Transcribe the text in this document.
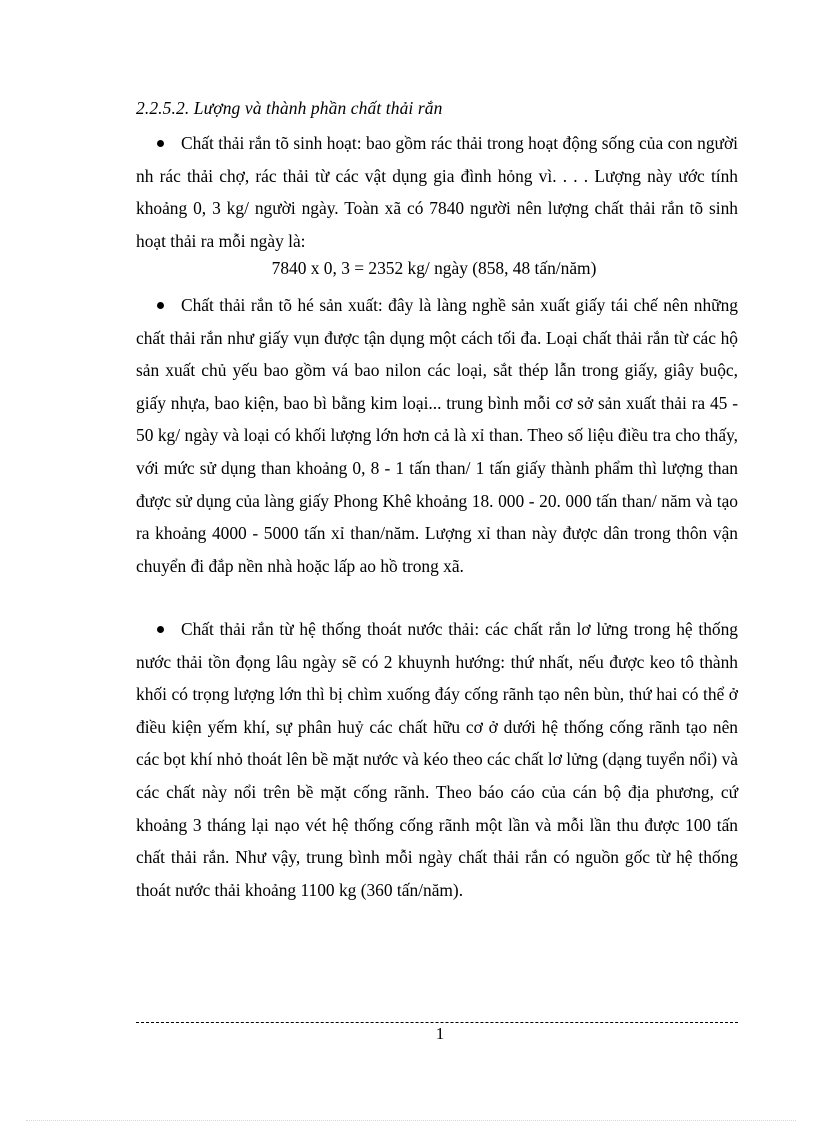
2.2.5.2. Lượng và thành phần chất thải rắn
Chất thải rắn tõ sinh hoạt: bao gồm rác thải trong hoạt động sống của con người nh rác thải chợ, rác thải từ các vật dụng gia đình hỏng vì. . . . Lượng này ước tính khoảng 0, 3 kg/ người ngày. Toàn xã có 7840 người nên lượng chất thải rắn tõ sinh hoạt thải ra mỗi ngày là:
7840 x 0, 3 = 2352 kg/ ngày (858, 48 tấn/năm)
Chất thải rắn tõ hé sản xuất: đây là làng nghề sản xuất giấy tái chế nên những chất thải rắn như giấy vụn được tận dụng một cách tối đa. Loại chất thải rắn từ các hộ sản xuất chủ yếu bao gồm vá bao nilon các loại, sắt thép lẫn trong giấy, giây buộc, giấy nhựa, bao kiện, bao bì bằng kim loại... trung bình mỗi cơ sở sản xuất thải ra 45 - 50 kg/ ngày và loại có khối lượng lớn hơn cả là xỉ than. Theo số liệu điều tra cho thấy, với mức sử dụng than khoảng 0, 8 - 1 tấn than/ 1 tấn giấy thành phẩm thì lượng than được sử dụng của làng giấy Phong Khê khoảng 18. 000 - 20. 000 tấn than/ năm và tạo ra khoảng 4000 - 5000 tấn xỉ than/năm. Lượng xỉ than này được dân trong thôn vận chuyển đi đắp nền nhà hoặc lấp ao hồ trong xã.
Chất thải rắn từ hệ thống thoát nước thải: các chất rắn lơ lửng trong hệ thống nước thải tồn đọng lâu ngày sẽ có 2 khuynh hướng: thứ nhất, nếu được keo tô thành khối có trọng lượng lớn thì bị chìm xuống đáy cống rãnh tạo nên bùn, thứ hai có thể ở điều kiện yếm khí, sự phân huỷ các chất hữu cơ ở dưới hệ thống cống rãnh tạo nên các bọt khí nhỏ thoát lên bề mặt nước và kéo theo các chất lơ lửng (dạng tuyển nổi) và các chất này nổi trên bề mặt cống rãnh. Theo báo cáo của cán bộ địa phương, cứ khoảng 3 tháng lại nạo vét hệ thống cống rãnh một lần và mỗi lần thu được 100 tấn chất thải rắn. Như vậy, trung bình mỗi ngày chất thải rắn có nguồn gốc từ hệ thống thoát nước thải khoảng 1100 kg (360 tấn/năm).
1
